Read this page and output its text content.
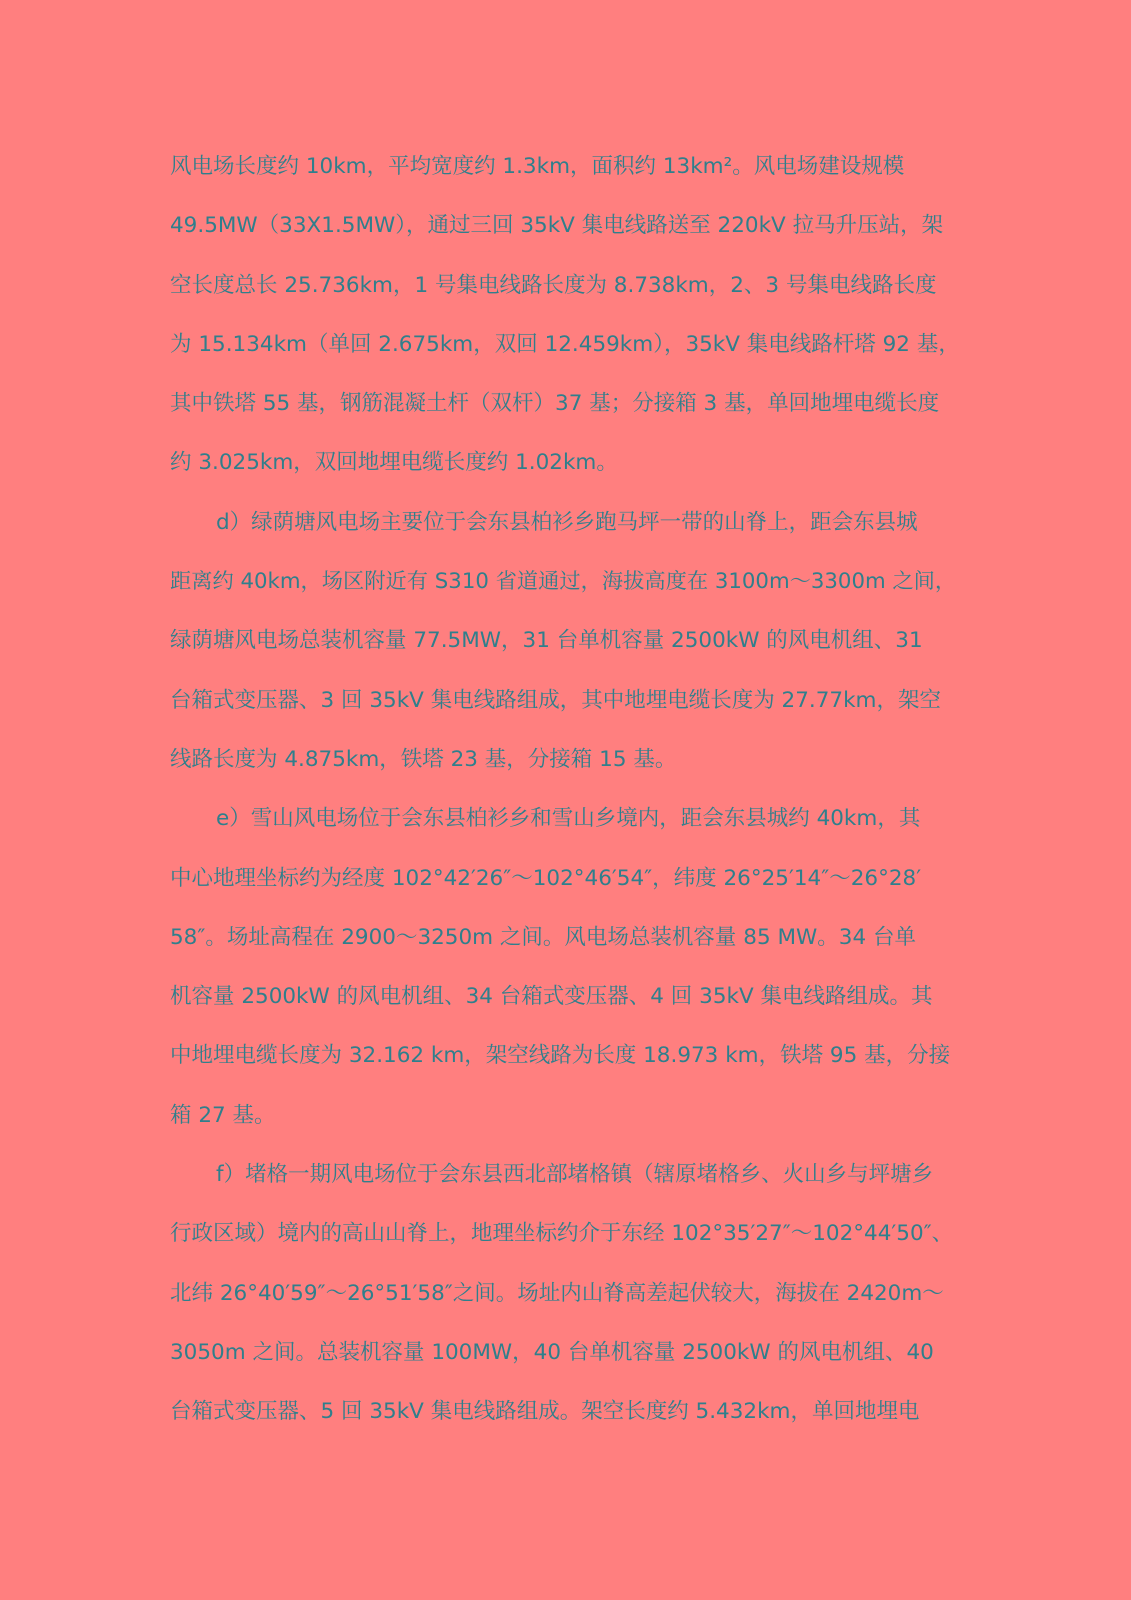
风电场长度约 10km，平均宽度约 1.3km，面积约 13km²。风电场建设规模
49.5MW（33X1.5MW），通过三回 35kV 集电线路送至 220kV 拉马升压站，架
空长度总长 25.736km，1 号集电线路长度为 8.738km，2、3 号集电线路长度
为 15.134km（单回 2.675km，双回 12.459km），35kV 集电线路杆塔 92 基，
其中铁塔 55 基，钢筋混凝土杆（双杆）37 基；分接箱 3 基，单回地埋电缆长度
约 3.025km，双回地埋电缆长度约 1.02km。
d）绿荫塘风电场主要位于会东县柏衫乡跑马坪一带的山脊上，距会东县城
距离约 40km，场区附近有 S310 省道通过，海拔高度在 3100m～3300m 之间，
绿荫塘风电场总装机容量 77.5MW，31 台单机容量 2500kW 的风电机组、31
台箱式变压器、3 回 35kV 集电线路组成，其中地埋电缆长度为 27.77km，架空
线路长度为 4.875km，铁塔 23 基，分接箱 15 基。
e）雪山风电场位于会东县柏衫乡和雪山乡境内，距会东县城约 40km，其
中心地理坐标约为经度 102°42′26″～102°46′54″，纬度 26°25′14″～26°28′
58″。场址高程在 2900～3250m 之间。风电场总装机容量 85 MW。34 台单
机容量 2500kW 的风电机组、34 台箱式变压器、4 回 35kV 集电线路组成。其
中地埋电缆长度为 32.162 km，架空线路为长度 18.973 km，铁塔 95 基，分接
箱 27 基。
f）堵格一期风电场位于会东县西北部堵格镇（辖原堵格乡、火山乡与坪塘乡
行政区域）境内的高山山脊上，地理坐标约介于东经 102°35′27″～102°44′50″、
北纬 26°40′59″～26°51′58″之间。场址内山脊高差起伏较大，海拔在 2420m～
3050m 之间。总装机容量 100MW，40 台单机容量 2500kW 的风电机组、40
台箱式变压器、5 回 35kV 集电线路组成。架空长度约 5.432km，单回地埋电
